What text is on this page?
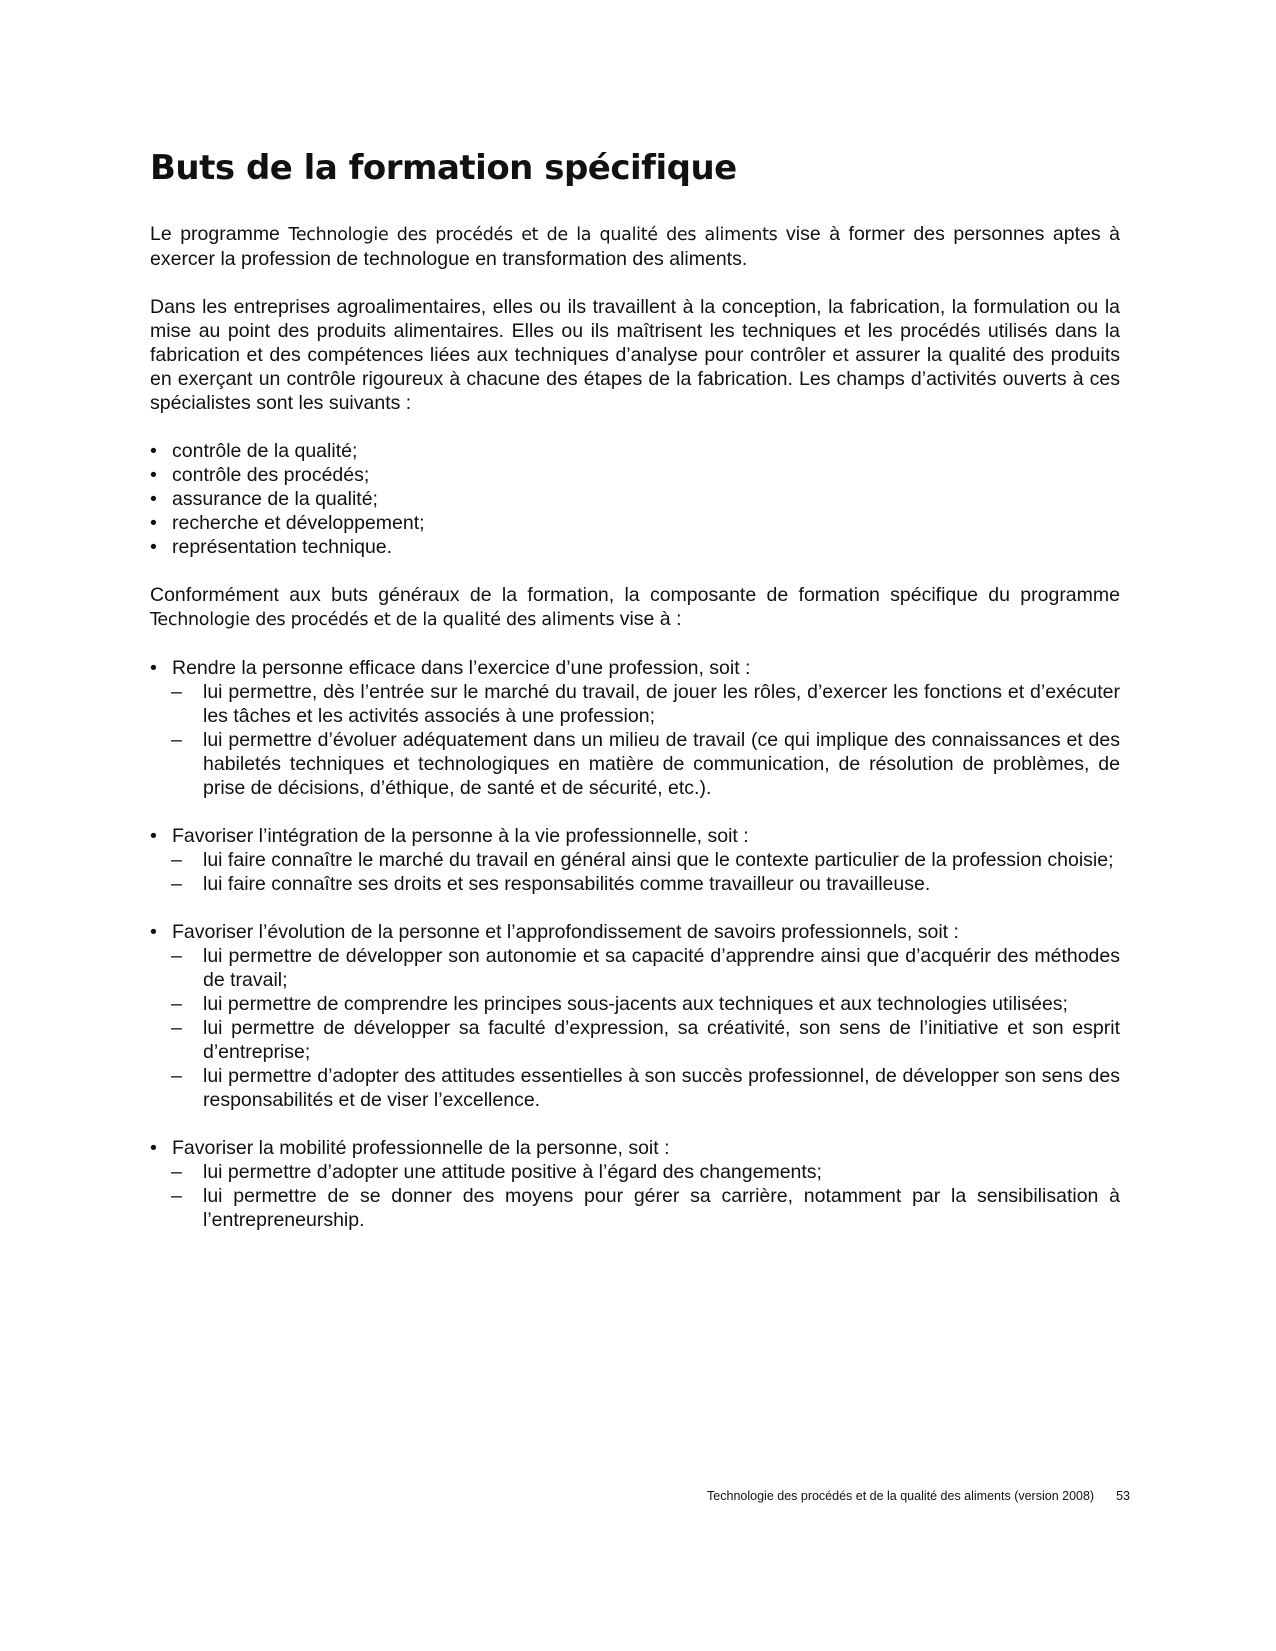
Buts de la formation spécifique

Le programme Technologie des procédés et de la qualité des aliments vise à former des personnes aptes à exercer la profession de technologue en transformation des aliments.

Dans les entreprises agroalimentaires, elles ou ils travaillent à la conception, la fabrication, la formulation ou la mise au point des produits alimentaires. Elles ou ils maîtrisent les techniques et les procédés utilisés dans la fabrication et des compétences liées aux techniques d’analyse pour contrôler et assurer la qualité des produits en exerçant un contrôle rigoureux à chacune des étapes de la fabrication. Les champs d’activités ouverts à ces spécialistes sont les suivants :

• contrôle de la qualité;
• contrôle des procédés;
• assurance de la qualité;
• recherche et développement;
• représentation technique.

Conformément aux buts généraux de la formation, la composante de formation spécifique du programme Technologie des procédés et de la qualité des aliments vise à :

• Rendre la personne efficace dans l’exercice d’une profession, soit :
– lui permettre, dès l’entrée sur le marché du travail, de jouer les rôles, d’exercer les fonctions et d’exécuter les tâches et les activités associés à une profession;
– lui permettre d’évoluer adéquatement dans un milieu de travail (ce qui implique des connaissances et des habiletés techniques et technologiques en matière de communication, de résolution de problèmes, de prise de décisions, d’éthique, de santé et de sécurité, etc.).
• Favoriser l’intégration de la personne à la vie professionnelle, soit :
– lui faire connaître le marché du travail en général ainsi que le contexte particulier de la profession choisie;
– lui faire connaître ses droits et ses responsabilités comme travailleur ou travailleuse.
• Favoriser l’évolution de la personne et l’approfondissement de savoirs professionnels, soit :
– lui permettre de développer son autonomie et sa capacité d’apprendre ainsi que d’acquérir des méthodes de travail;
– lui permettre de comprendre les principes sous-jacents aux techniques et aux technologies utilisées;
– lui permettre de développer sa faculté d’expression, sa créativité, son sens de l’initiative et son esprit d’entreprise;
– lui permettre d’adopter des attitudes essentielles à son succès professionnel, de développer son sens des responsabilités et de viser l’excellence.
• Favoriser la mobilité professionnelle de la personne, soit :
– lui permettre d’adopter une attitude positive à l’égard des changements;
– lui permettre de se donner des moyens pour gérer sa carrière, notamment par la sensibilisation à l’entrepreneurship.
Technologie des procédés et de la qualité des aliments (version 2008) 53
